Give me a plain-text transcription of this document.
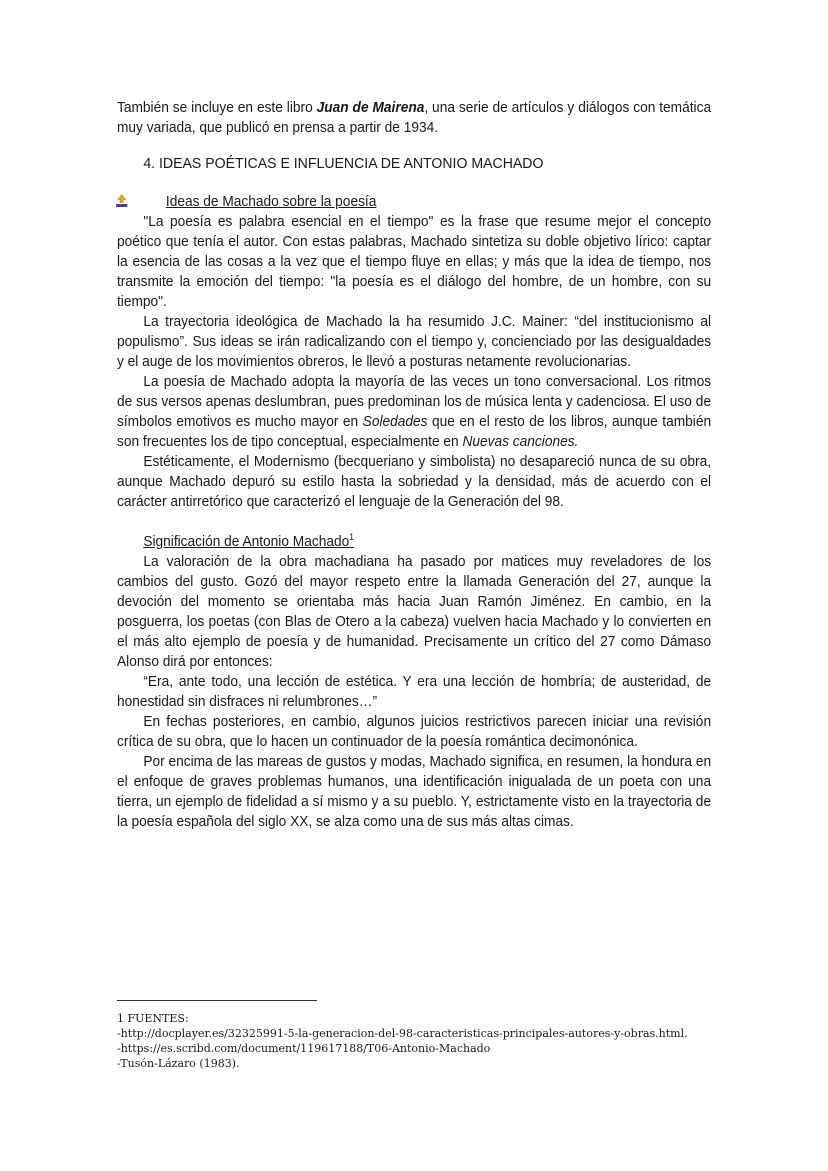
También se incluye en este libro Juan de Mairena, una serie de artículos y diálogos con temática muy variada, que publicó en prensa a partir de 1934.

4. IDEAS POÉTICAS E INFLUENCIA DE ANTONIO MACHADO

Ideas de Machado sobre la poesía

"La poesía es palabra esencial en el tiempo" es la frase que resume mejor el concepto poético que tenía el autor. Con estas palabras, Machado sintetiza su doble objetivo lírico: captar la esencia de las cosas a la vez que el tiempo fluye en ellas; y más que la idea de tiempo, nos transmite la emoción del tiempo: "la poesía es el diálogo del hombre, de un hombre, con su tiempo".

La trayectoria ideológica de Machado la ha resumido J.C. Mainer: “del institucionismo al populismo”. Sus ideas se irán radicalizando con el tiempo y, concienciado por las desigualdades y el auge de los movimientos obreros, le llevó a posturas netamente revolucionarias.

La poesía de Machado adopta la mayoría de las veces un tono conversacional. Los ritmos de sus versos apenas deslumbran, pues predominan los de música lenta y cadenciosa. El uso de símbolos emotivos es mucho mayor en Soledades que en el resto de los libros, aunque también son frecuentes los de tipo conceptual, especialmente en Nuevas canciones.

Estéticamente, el Modernismo (becqueriano y simbolista) no desapareció nunca de su obra, aunque Machado depuró su estilo hasta la sobriedad y la densidad, más de acuerdo con el carácter antirretórico que caracterizó el lenguaje de la Generación del 98.

Significación de Antonio Machado$^1$

La valoración de la obra machadiana ha pasado por matices muy reveladores de los cambios del gusto. Gozó del mayor respeto entre la llamada Generación del 27, aunque la devoción del momento se orientaba más hacia Juan Ramón Jiménez. En cambio, en la posguerra, los poetas (con Blas de Otero a la cabeza) vuelven hacia Machado y lo convierten en el más alto ejemplo de poesía y de humanidad. Precisamente un crítico del 27 como Dámaso Alonso dirá por entonces:

“Era, ante todo, una lección de estética. Y era una lección de hombría; de austeridad, de honestidad sin disfraces ni relumbrones…”

En fechas posteriores, en cambio, algunos juicios restrictivos parecen iniciar una revisión crítica de su obra, que lo hacen un continuador de la poesía romántica decimonónica.

Por encima de las mareas de gustos y modas, Machado significa, en resumen, la hondura en el enfoque de graves problemas humanos, una identificación inigualada de un poeta con una tierra, un ejemplo de fidelidad a sí mismo y a su pueblo. Y, estrictamente visto en la trayectoria de la poesía española del siglo XX, se alza como una de sus más altas cimas.

1 FUENTES:
-http://docplayer.es/32325991-5-la-generacion-del-98-caracteristicas-principales-autores-y-obras.html.
-https://es.scribd.com/document/119617188/T06-Antonio-Machado
-Tusón-Lázaro (1983).
